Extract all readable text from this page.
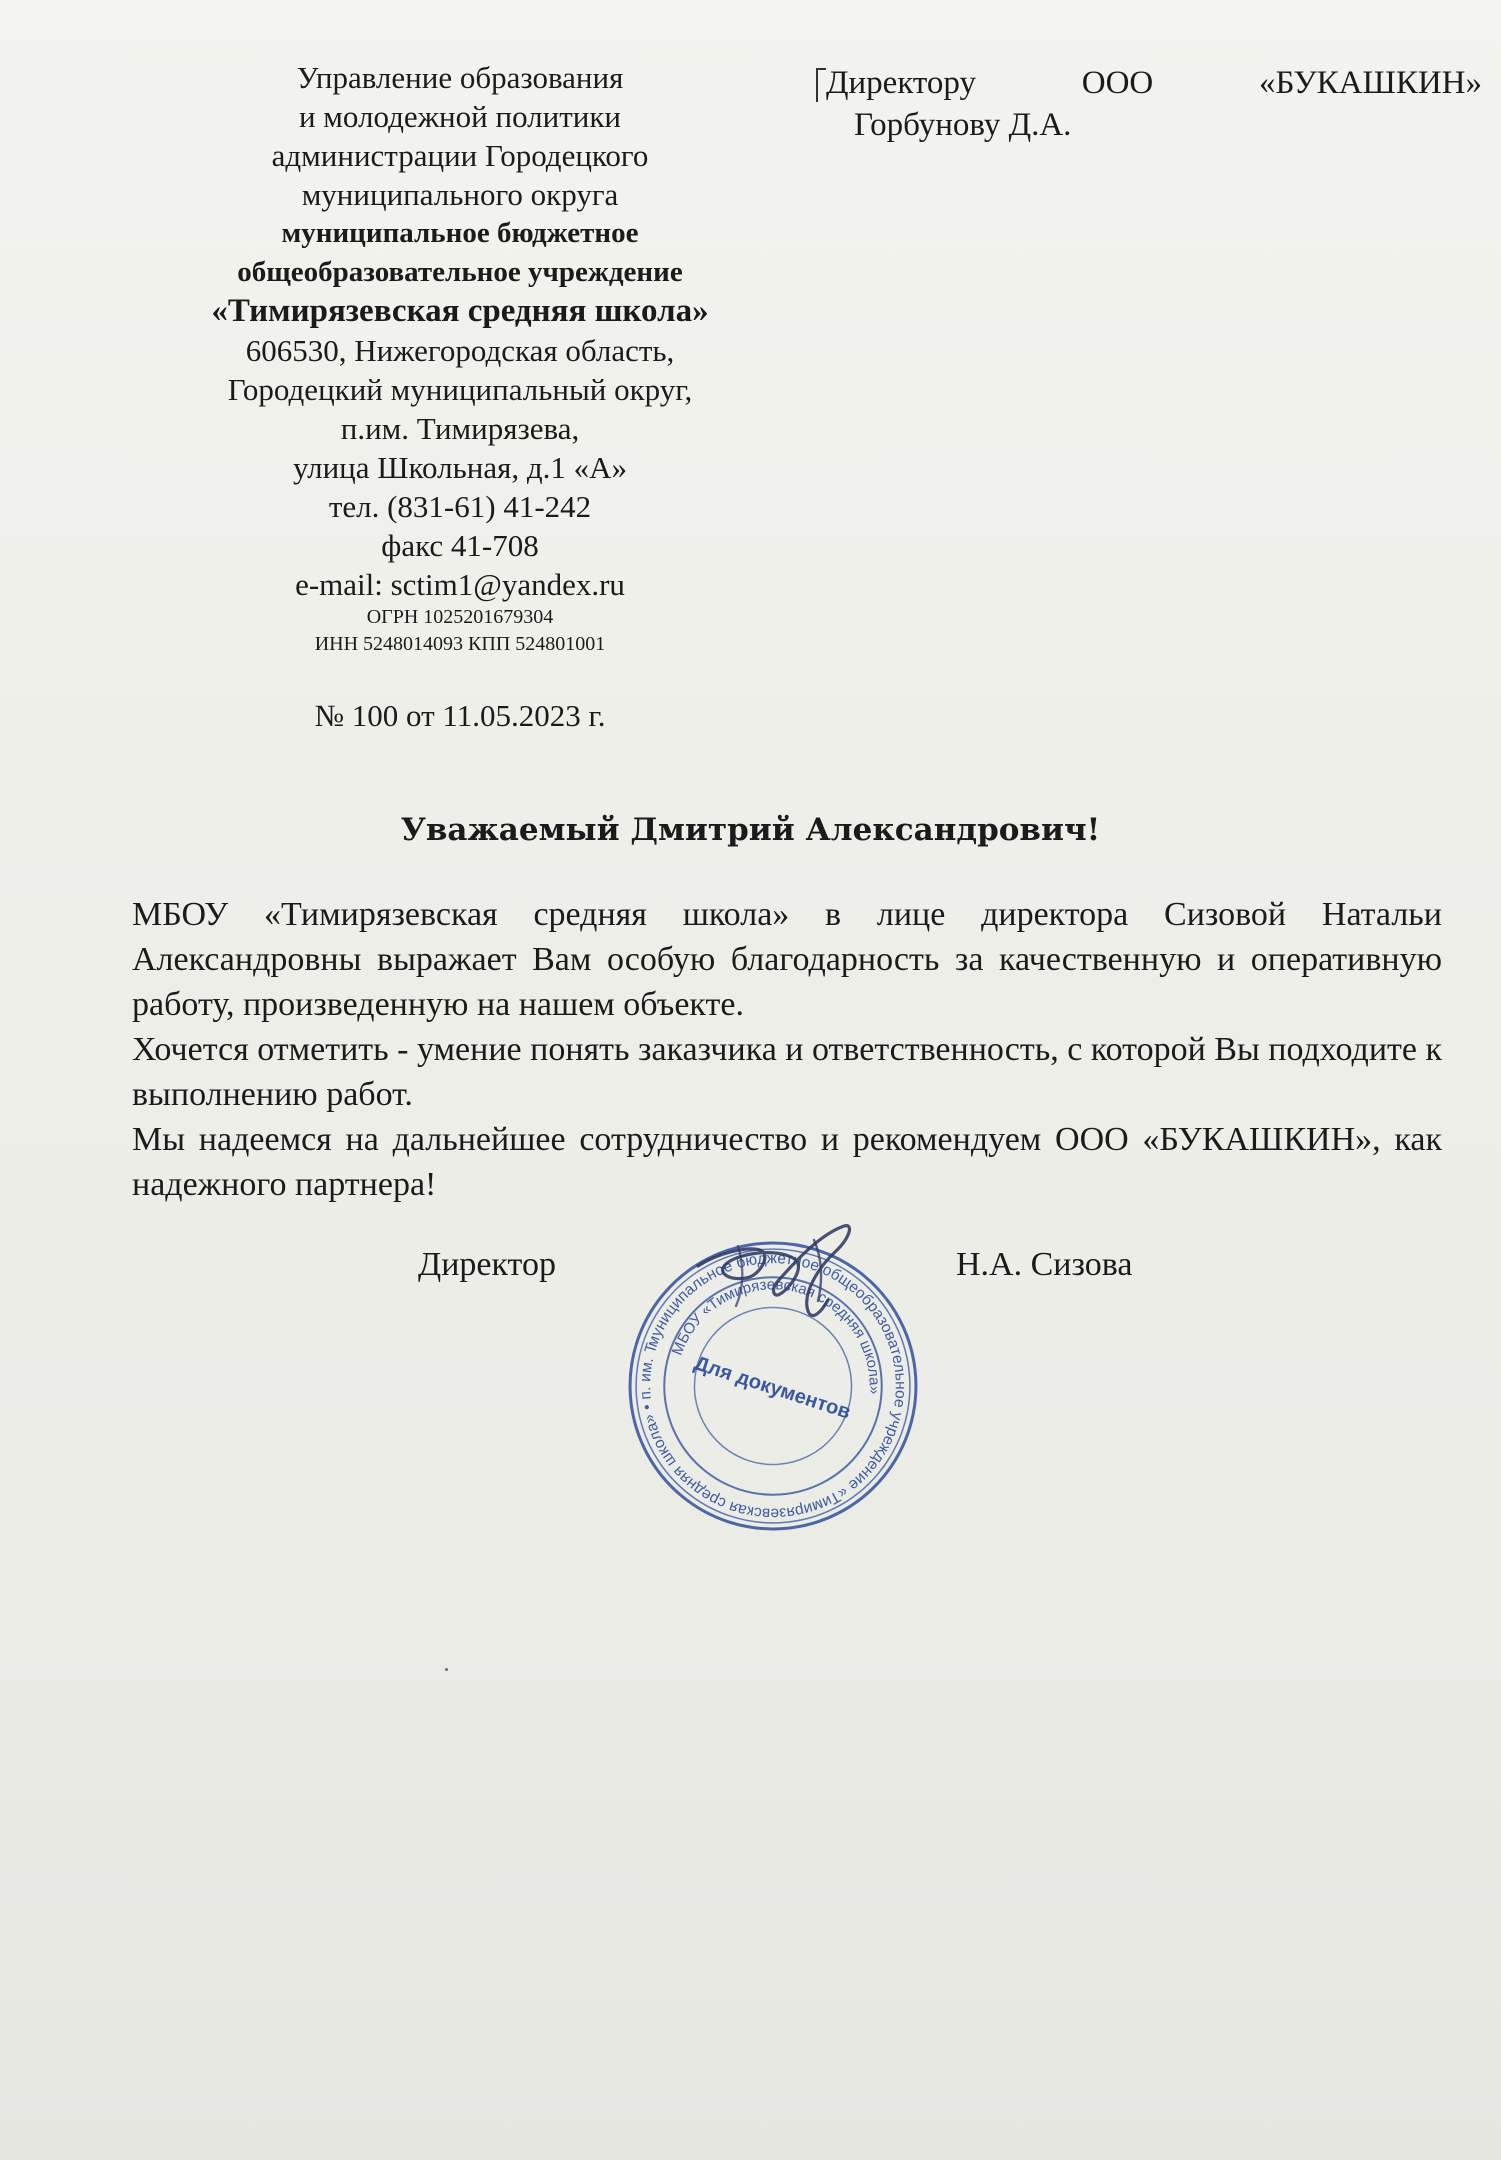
Управление образования
и молодежной политики
администрации Городецкого
муниципального округа
муниципальное бюджетное
общеобразовательное учреждение
«Тимирязевская средняя школа»
606530, Нижегородская область,
Городецкий муниципальный округ,
п.им. Тимирязева,
улица Школьная, д.1 «А»
тел. (831-61) 41-242
факс 41-708
e-mail: sctim1@yandex.ru
ОГРН 1025201679304
ИНН 5248014093 КПП 524801001
№ 100 от 11.05.2023 г.
Директору	ООО	«БУКАШКИН»
Горбунову Д.А.
Уважаемый Дмитрий Александрович!

МБОУ «Тимирязевская средняя школа» в лице директора Сизовой Натальи Александровны выражает Вам особую благодарность за качественную и оперативную работу, произведенную на нашем объекте.

Хочется отметить - умение понять заказчика и ответственность, с которой Вы подходите к выполнению работ.

Мы надеемся на дальнейшее сотрудничество и рекомендуем ООО «БУКАШКИН», как надежного партнера!

Директор	Н.А. Сизова
муниципальное бюджетное общеобразовательное учреждение «Тимирязевская средняя школа» • п. им. Тимирязева
МБОУ «Тимирязевская средняя школа»
Для документов
